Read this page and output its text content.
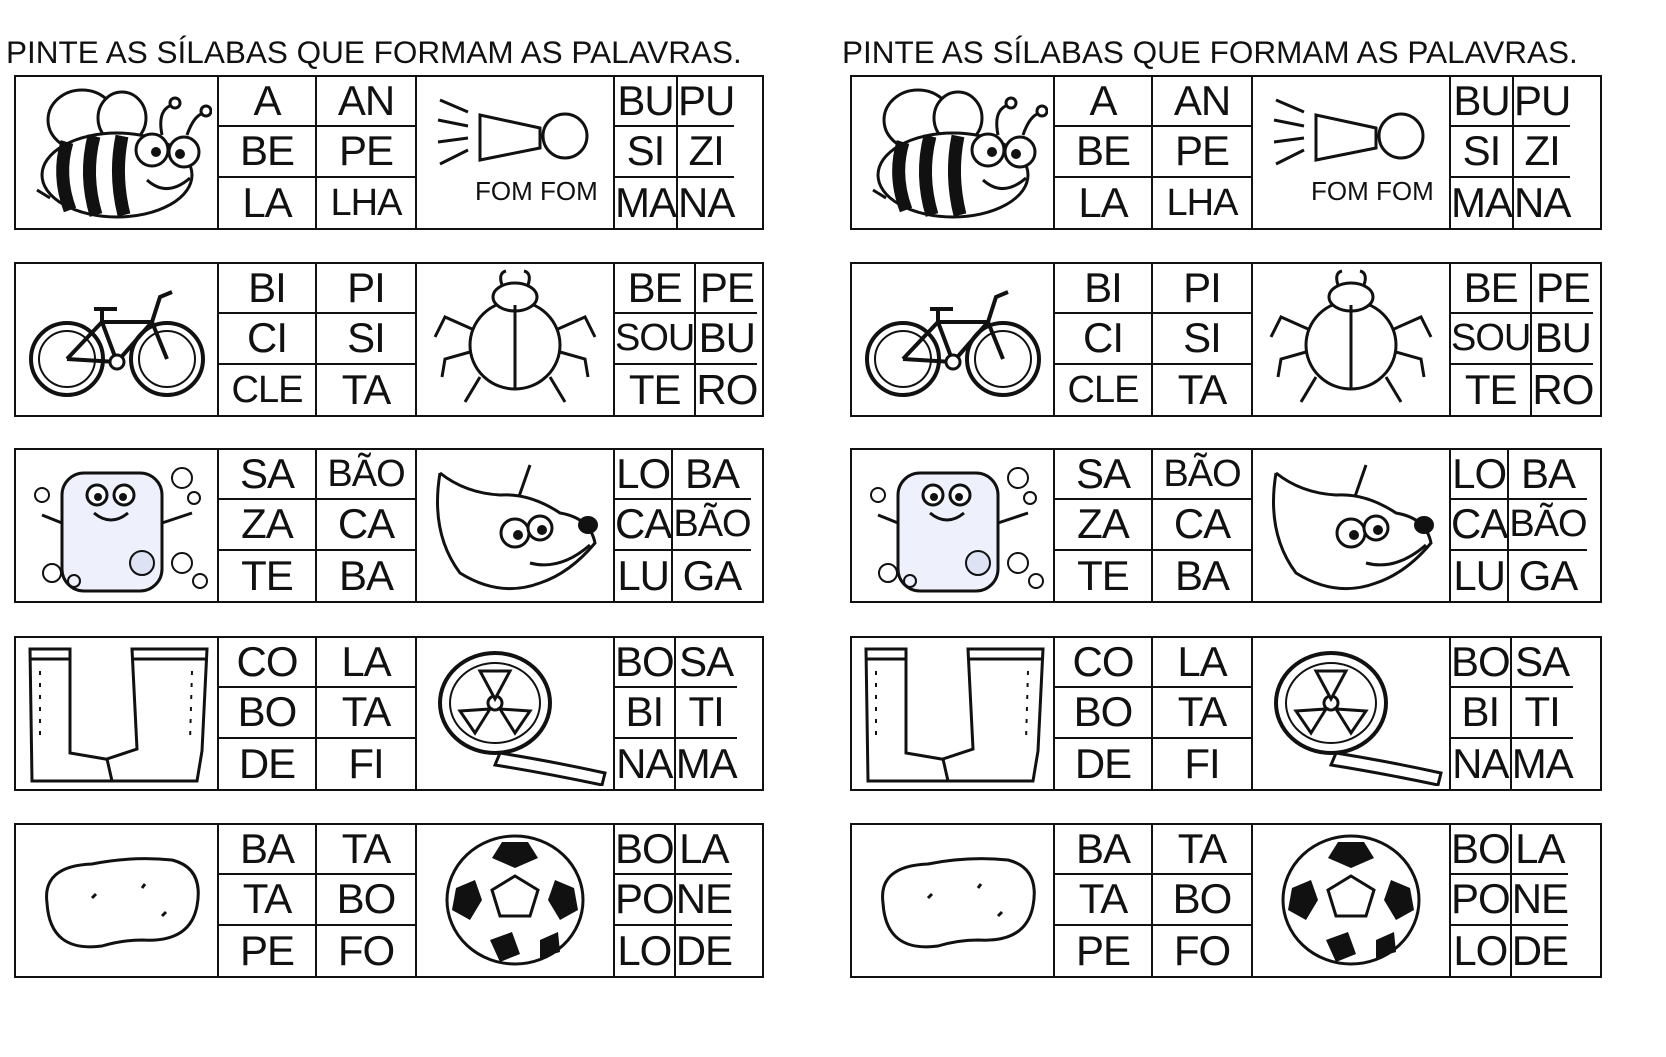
PINTE AS SÍLABAS QUE FORMAM AS PALAVRAS.
A	AN
BE	PE
LA	LHA	FOM FOM
BU PU
SI ZI
MA NA
BI	PI
CI	SI
CLE TA
BE PE
SOU BU
TE RO
SA BÃO
ZA	CA
TE	BA
LO BA
CA BÃO
LU GA
CO	LA
BO	TA
DE	FI
BO SA
BI TI
NA MA
BA	TA
TA	BO
PE	FO
BO LA
PO NE
LO DE
PINTE AS SÍLABAS QUE FORMAM AS PALAVRAS.
A	AN
BE	PE
LA	LHA	FOM FOM
BU PU
SI ZI
MA NA
BI	PI
CI	SI
CLE TA
BE PE
SOU BU
TE RO
SA BÃO
ZA	CA
TE	BA
LO BA
CA BÃO
LU GA
CO	LA
BO	TA
DE	FI
BO SA
BI TI
NA MA
BA	TA
TA	BO
PE	FO
BO LA
PO NE
LO DE
